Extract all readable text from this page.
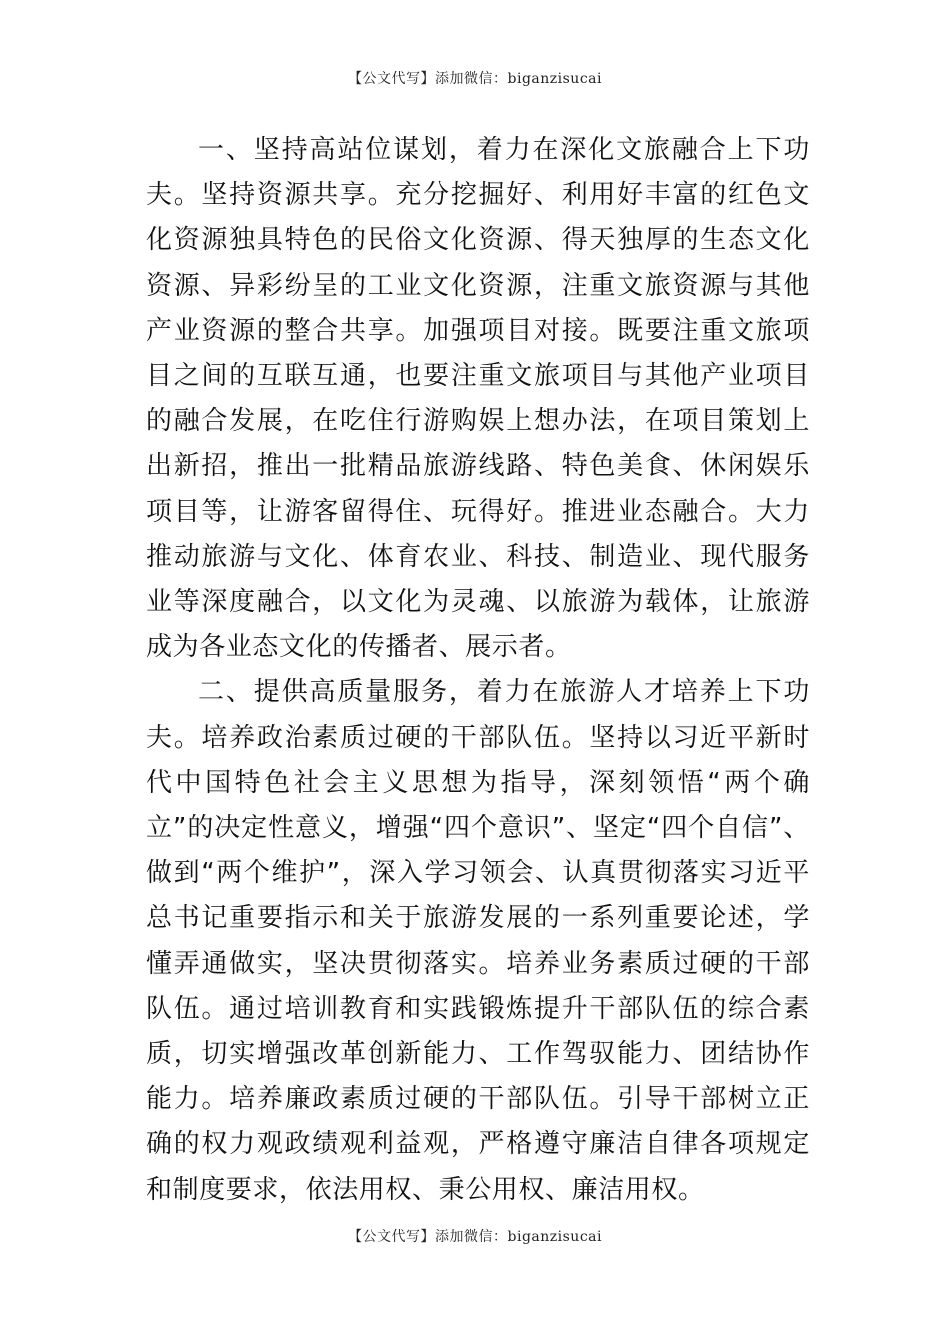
【公文代写】添加微信：biganzisucai

一、坚持高站位谋划，着力在深化文旅融合上下功夫。坚持资源共享。充分挖掘好、利用好丰富的红色文化资源独具特色的民俗文化资源、得天独厚的生态文化资源、异彩纷呈的工业文化资源，注重文旅资源与其他产业资源的整合共享。加强项目对接。既要注重文旅项目之间的互联互通，也要注重文旅项目与其他产业项目的融合发展，在吃住行游购娱上想办法，在项目策划上出新招，推出一批精品旅游线路、特色美食、休闲娱乐项目等，让游客留得住、玩得好。推进业态融合。大力推动旅游与文化、体育农业、科技、制造业、现代服务业等深度融合，以文化为灵魂、以旅游为载体，让旅游成为各业态文化的传播者、展示者。

二、提供高质量服务，着力在旅游人才培养上下功夫。培养政治素质过硬的干部队伍。坚持以习近平新时代中国特色社会主义思想为指导，深刻领悟“两个确立”的决定性意义，增强“四个意识”、坚定“四个自信”、做到“两个维护”，深入学习领会、认真贯彻落实习近平总书记重要指示和关于旅游发展的一系列重要论述，学懂弄通做实，坚决贯彻落实。培养业务素质过硬的干部队伍。通过培训教育和实践锻炼提升干部队伍的综合素质，切实增强改革创新能力、工作驾驭能力、团结协作能力。培养廉政素质过硬的干部队伍。引导干部树立正确的权力观政绩观利益观，严格遵守廉洁自律各项规定和制度要求，依法用权、秉公用权、廉洁用权。

【公文代写】添加微信：biganzisucai
